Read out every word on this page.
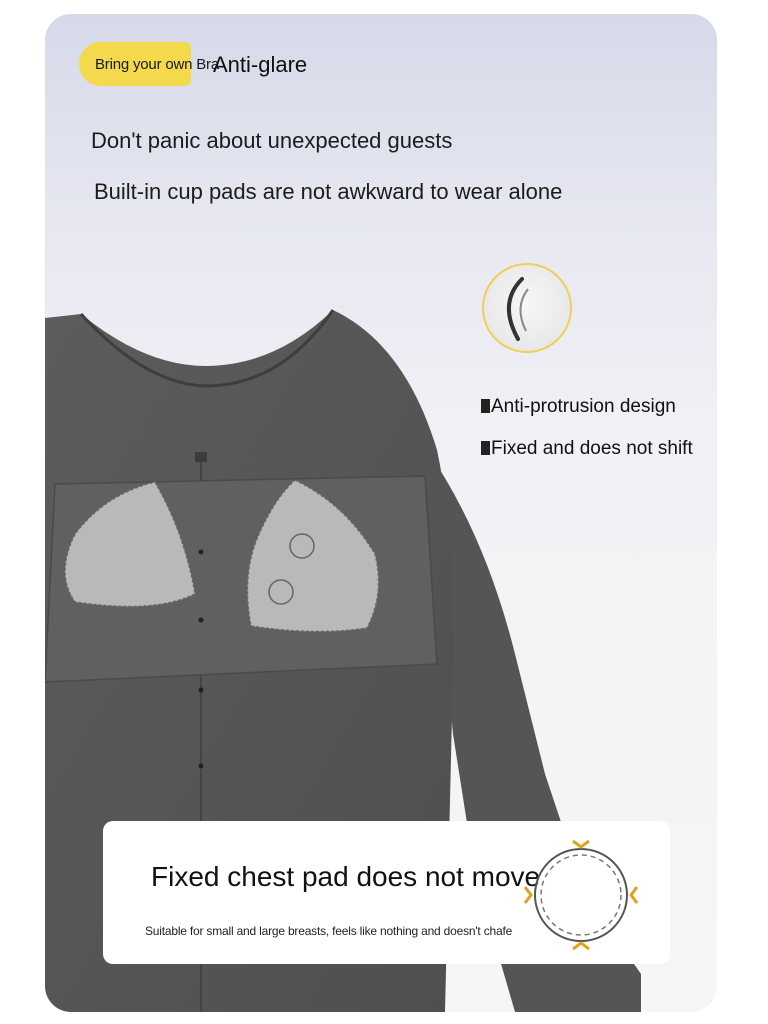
Bring your own Bra
Anti-glare
Don't panic about unexpected guests
Built-in cup pads are not awkward to wear alone
Anti-protrusion design
Fixed and does not shift
Fixed chest pad does not move
Suitable for small and large breasts, feels like nothing and doesn't chafe
